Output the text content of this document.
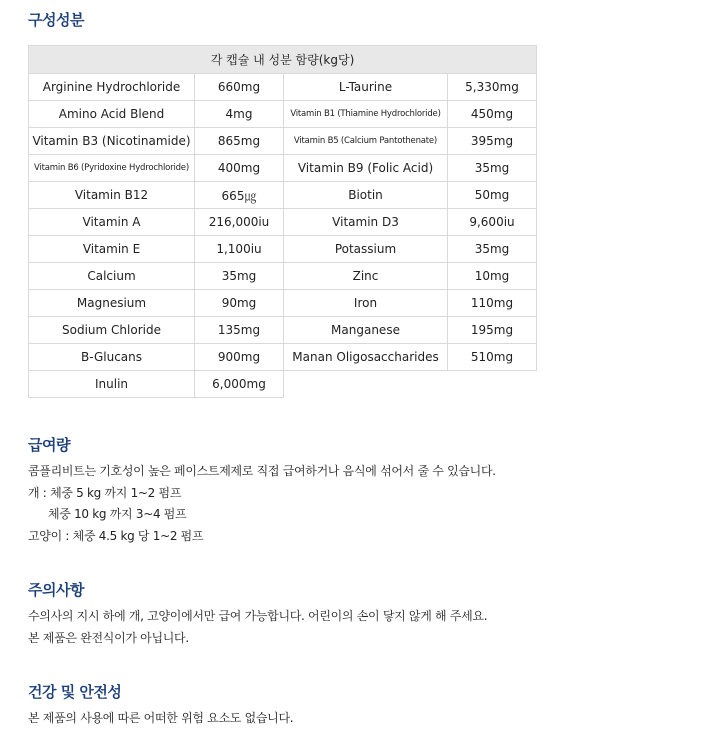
구성성분
각 캡슐 내 성분 함량(kg당)			
Arginine Hydrochloride	660mg	L-Taurine	5,330mg
Amino Acid Blend	4mg	Vitamin B1 (Thiamine Hydrochloride)	450mg
Vitamin B3 (Nicotinamide)	865mg	Vitamin B5 (Calcium Pantothenate)	395mg
Vitamin B6 (Pyridoxine Hydrochloride)	400mg	Vitamin B9 (Folic Acid)	35mg
Vitamin B12	665㎍	Biotin	50mg
Vitamin A	216,000iu	Vitamin D3	9,600iu
Vitamin E	1,100iu	Potassium	35mg
Calcium	35mg	Zinc	10mg
Magnesium	90mg	Iron	110mg
Sodium Chloride	135mg	Manganese	195mg
B-Glucans	900mg	Manan Oligosaccharides	510mg
Inulin	6,000mg		
급여량
콤플리비트는 기호성이 높은 페이스트제제로 직접 급여하거나 음식에 섞어서 줄 수 있습니다.
개 : 체중 5 kg 까지 1~2 펌프
체중 10 kg 까지 3~4 펌프
고양이 : 체중 4.5 kg 당 1~2 펌프
주의사항
수의사의 지시 하에 개, 고양이에서만 급여 가능합니다. 어린이의 손이 닿지 않게 해 주세요.
본 제품은 완전식이가 아닙니다.
건강 및 안전성
본 제품의 사용에 따른 어떠한 위험 요소도 없습니다.
